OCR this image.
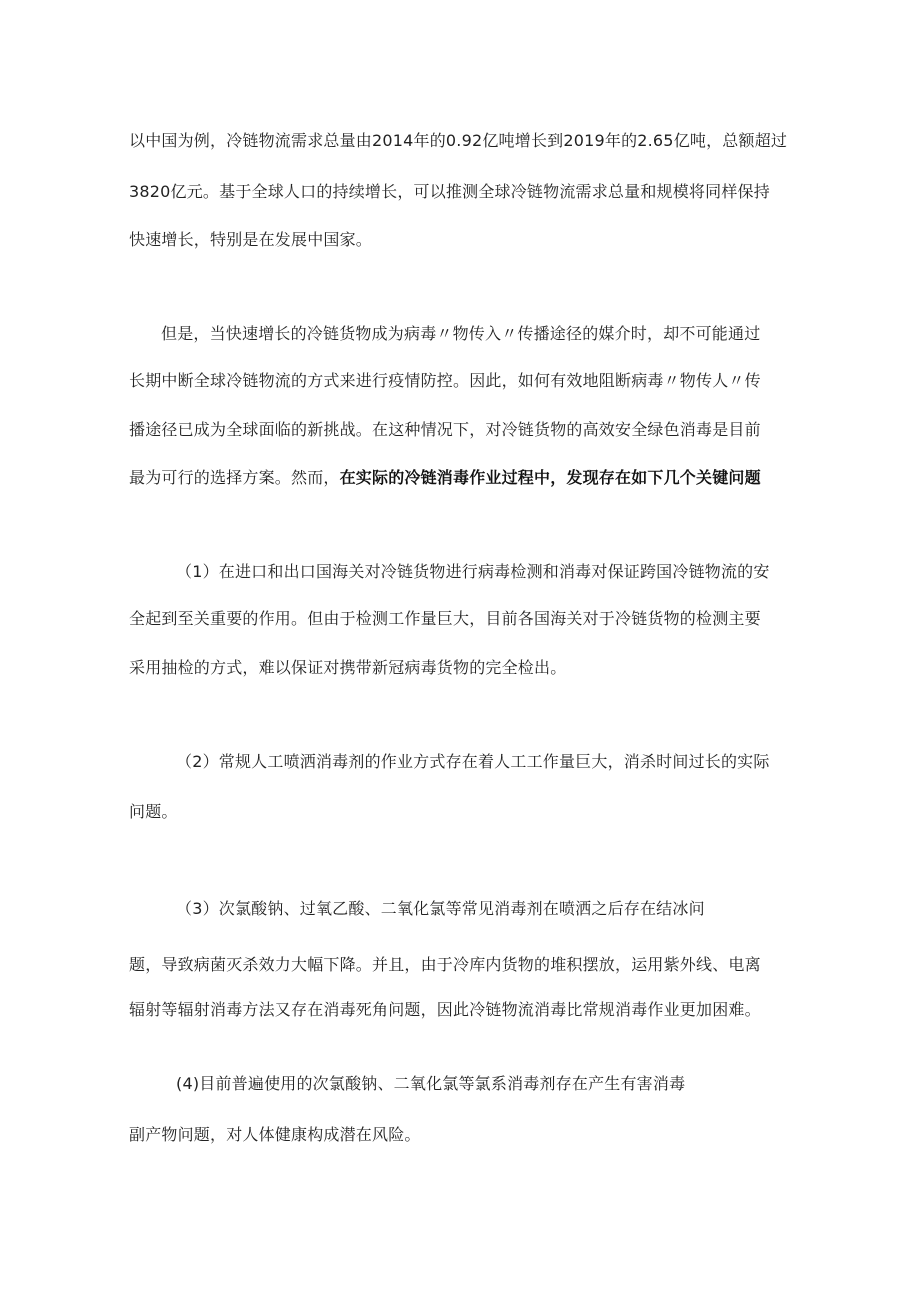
以中国为例，冷链物流需求总量由2014年的0.92亿吨增长到2019年的2.65亿吨，总额超过
3820亿元。基于全球人口的持续增长，可以推测全球冷链物流需求总量和规模将同样保持
快速增长，特别是在发展中国家。
但是，当快速增长的冷链货物成为病毒〃物传入〃传播途径的媒介时，却不可能通过
长期中断全球冷链物流的方式来进行疫情防控。因此，如何有效地阻断病毒〃物传人〃传
播途径已成为全球面临的新挑战。在这种情况下，对冷链货物的高效安全绿色消毒是目前
最为可行的选择方案。然而，在实际的冷链消毒作业过程中，发现存在如下几个关键问题
（1）在进口和出口国海关对冷链货物进行病毒检测和消毒对保证跨国冷链物流的安
全起到至关重要的作用。但由于检测工作量巨大，目前各国海关对于冷链货物的检测主要
采用抽检的方式，难以保证对携带新冠病毒货物的完全检出。
（2）常规人工喷洒消毒剂的作业方式存在着人工工作量巨大，消杀时间过长的实际
问题。
（3）次氯酸钠、过氧乙酸、二氧化氯等常见消毒剂在喷洒之后存在结冰问
题，导致病菌灭杀效力大幅下降。并且，由于冷库内货物的堆积摆放，运用紫外线、电离
辐射等辐射消毒方法又存在消毒死角问题，因此冷链物流消毒比常规消毒作业更加困难。
(4)目前普遍使用的次氯酸钠、二氧化氯等氯系消毒剂存在产生有害消毒
副产物问题，对人体健康构成潜在风险。
